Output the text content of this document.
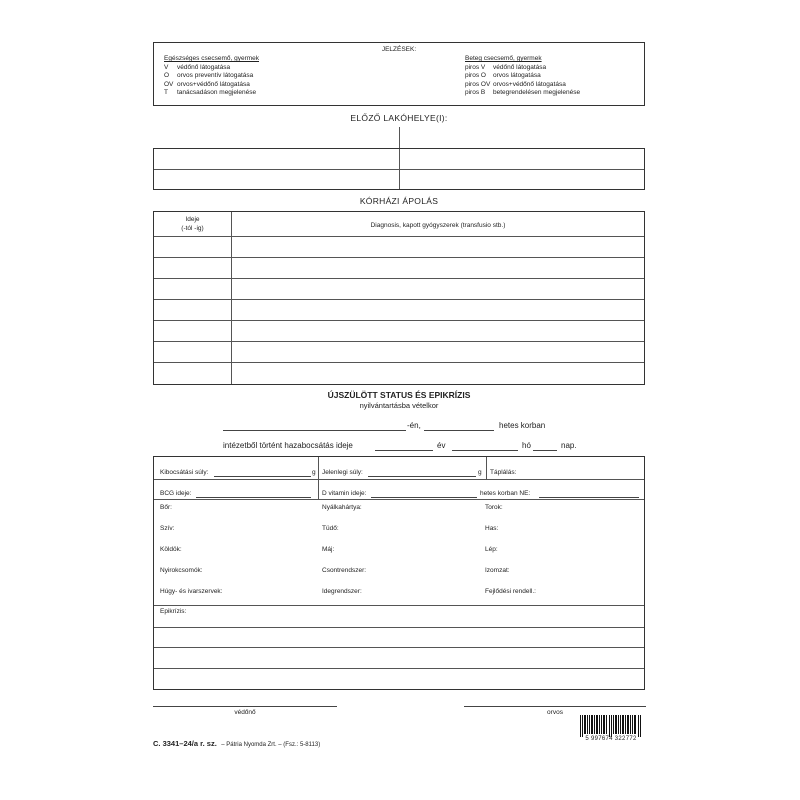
JELZÉSEK:
Egészséges csecsemő, gyermek
V védőnő látogatása
O orvos preventív látogatása
OV orvos+védőnő látogatása
T tanácsadáson megjelenése
Beteg csecsemő, gyermek
piros V védőnő látogatása
piros O orvos látogatása
piros OV orvos+védőnő látogatása
piros B betegrendelésen megjelenése
ELŐZŐ LAKÓHELYE(I):
KÓRHÁZI ÁPOLÁS
Ideje
(-tól -ig)	Diagnosis, kapott gyógyszerek (transfusio stb.)
ÚJSZÜLÖTT STATUS ÉS EPIKRÍZIS
nyilvántartásba vételkor
-én,	hetes korban
intézetből történt hazabocsátás ideje	év	hó	nap.
Kibocsátási súly:	g Jelenlegi súly:	g Táplálás:
BCG ideje:	D vitamin ideje:	hetes korban NE:
Bőr:	Nyálkahártya:	Torok:
Szív:	Tüdő:	Has:
Köldök:	Máj:	Lép:
Nyirokcsomók:	Csontrendszer:	Izomzat:
Húgy- és ivarszervek:	Idegrendszer:	Fejlődési rendell.:
Epikrízis:
védőnő	orvos
C. 3341–24/a r. sz. – Pátria Nyomda Zrt. – (Fsz.: 5-8113)
5 997674 322772
